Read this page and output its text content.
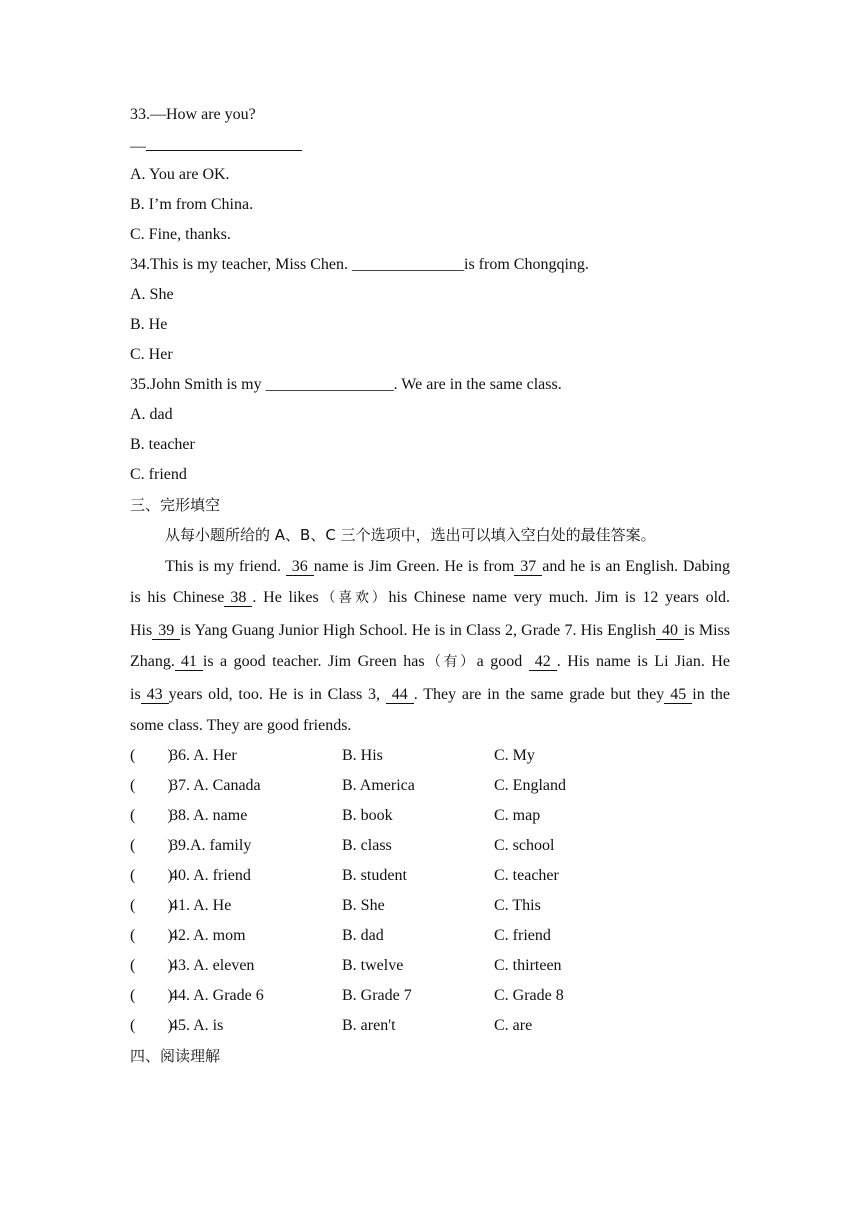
33.—How are you?
—
A. You are OK.
B. I’m from China.
C. Fine, thanks.
34.This is my teacher, Miss Chen. ______________is from Chongqing.
A. She
B. He
C. Her
35.John Smith is my ________________. We are in the same class.
A. dad
B. teacher
C. friend
三、完形填空
从每小题所给的 A、B、C 三个选项中，选出可以填入空白处的最佳答案。

This is my friend. 36 name is Jim Green. He is from 37 and he is an English. Dabing is his Chinese 38 . He likes（喜欢）his Chinese name very much. Jim is 12 years old. His 39 is Yang Guang Junior High School. He is in Class 2, Grade 7. His English 40 is Miss Zhang. 41 is a good teacher. Jim Green has（有）a good 42 . His name is Li Jian. He is 43 years old, too. He is in Class 3, 44 . They are in the same grade but they 45 in the some class. They are good friends.

(        )
36. A. Her	B. His	C. My
(        )
37. A. Canada	B. America	C. England
(        )
38. A. name	B. book	C. map
(        )
39.A. family	B. class	C. school
(        )
40. A. friend	B. student	C. teacher
(        )
41. A. He	B. She	C. This
(        )
42. A. mom	B. dad	C. friend
(        )
43. A. eleven	B. twelve	C. thirteen
(        )
44. A. Grade 6	B. Grade 7	C. Grade 8
(        )
45. A. is	B. aren't	C. are
四、阅读理解
